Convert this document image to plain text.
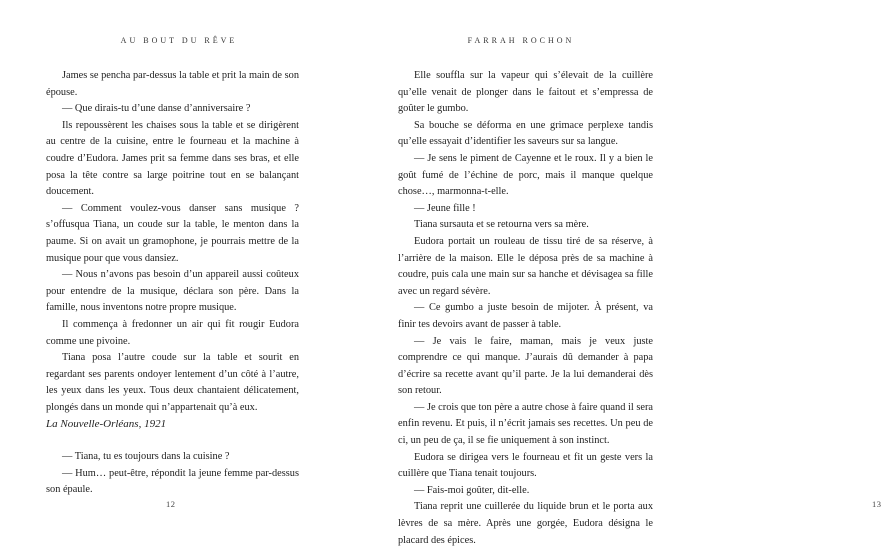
AU BOUT DU RÊVE

James se pencha par-dessus la table et prit la main de son épouse.

— Que dirais-tu d’une danse d’anniversaire ?

Ils repoussèrent les chaises sous la table et se dirigèrent au centre de la cuisine, entre le fourneau et la machine à coudre d’Eudora. James prit sa femme dans ses bras, et elle posa la tête contre sa large poitrine tout en se balançant doucement.

— Comment voulez-vous danser sans musique ? s’offusqua Tiana, un coude sur la table, le menton dans la paume. Si on avait un gramophone, je pourrais mettre de la musique pour que vous dansiez.

— Nous n’avons pas besoin d’un appareil aussi coûteux pour entendre de la musique, déclara son père. Dans la famille, nous inventons notre propre musique.

Il commença à fredonner un air qui fit rougir Eudora comme une pivoine.

Tiana posa l’autre coude sur la table et sourit en regardant ses parents ondoyer lentement d’un côté à l’autre, les yeux dans les yeux. Tous deux chantaient délicatement, plongés dans un monde qui n’appartenait qu’à eux.

La Nouvelle-Orléans, 1921

— Tiana, tu es toujours dans la cuisine ?

— Hum… peut-être, répondit la jeune femme par-dessus son épaule.

12
FARRAH ROCHON
13

Elle souffla sur la vapeur qui s’élevait de la cuillère qu’elle venait de plonger dans le faitout et s’empressa de goûter le gumbo.

Sa bouche se déforma en une grimace perplexe tandis qu’elle essayait d’identifier les saveurs sur sa langue.

— Je sens le piment de Cayenne et le roux. Il y a bien le goût fumé de l’échine de porc, mais il manque quelque chose…, marmonna-t-elle.

— Jeune fille !

Tiana sursauta et se retourna vers sa mère.

Eudora portait un rouleau de tissu tiré de sa réserve, à l’arrière de la maison. Elle le déposa près de sa machine à coudre, puis cala une main sur sa hanche et dévisagea sa fille avec un regard sévère.

— Ce gumbo a juste besoin de mijoter. À présent, va finir tes devoirs avant de passer à table.

— Je vais le faire, maman, mais je veux juste comprendre ce qui manque. J’aurais dû demander à papa d’écrire sa recette avant qu’il parte. Je la lui demanderai dès son retour.

— Je crois que ton père a autre chose à faire quand il sera enfin revenu. Et puis, il n’écrit jamais ses recettes. Un peu de ci, un peu de ça, il se fie uniquement à son instinct.

Eudora se dirigea vers le fourneau et fit un geste vers la cuillère que Tiana tenait toujours.

— Fais-moi goûter, dit-elle.

Tiana reprit une cuillerée du liquide brun et le porta aux lèvres de sa mère. Après une gorgée, Eudora désigna le placard des épices.
